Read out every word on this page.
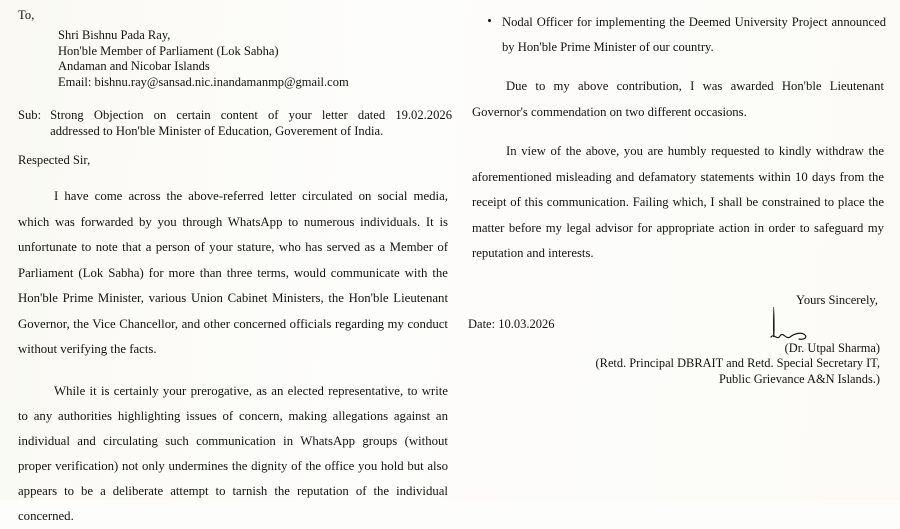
To,
Shri Bishnu Pada Ray,
Hon'ble Member of Parliament (Lok Sabha)
Andaman and Nicobar Islands
Email: bishnu.ray@sansad.nic.inandamanmp@gmail.com
Sub: Strong Objection on certain content of your letter dated 19.02.2026
addressed to Hon'ble Minister of Education, Goverement of India.
Respected Sir,
I have come across the above-referred letter circulated on social media, which was forwarded by you through WhatsApp to numerous individuals. It is unfortunate to note that a person of your stature, who has served as a Member of Parliament (Lok Sabha) for more than three terms, would communicate with the Hon'ble Prime Minister, various Union Cabinet Ministers, the Hon'ble Lieutenant Governor, the Vice Chancellor, and other concerned officials regarding my conduct without verifying the facts.
While it is certainly your prerogative, as an elected representative, to write to any authorities highlighting issues of concern, making allegations against an individual and circulating such communication in WhatsApp groups (without proper verification) not only undermines the dignity of the office you hold but also appears to be a deliberate attempt to tarnish the reputation of the individual concerned.
Nodal Officer for implementing the Deemed University Project announced by Hon'ble Prime Minister of our country.
Due to my above contribution, I was awarded Hon'ble Lieutenant Governor's commendation on two different occasions.
In view of the above, you are humbly requested to kindly withdraw the aforementioned misleading and defamatory statements within 10 days from the receipt of this communication. Failing which, I shall be constrained to place the matter before my legal advisor for appropriate action in order to safeguard my reputation and interests.
Yours Sincerely,
Date: 10.03.2026
(Dr. Utpal Sharma)
(Retd. Principal DBRAIT and Retd. Special Secretary IT,
Public Grievance A&N Islands.)
